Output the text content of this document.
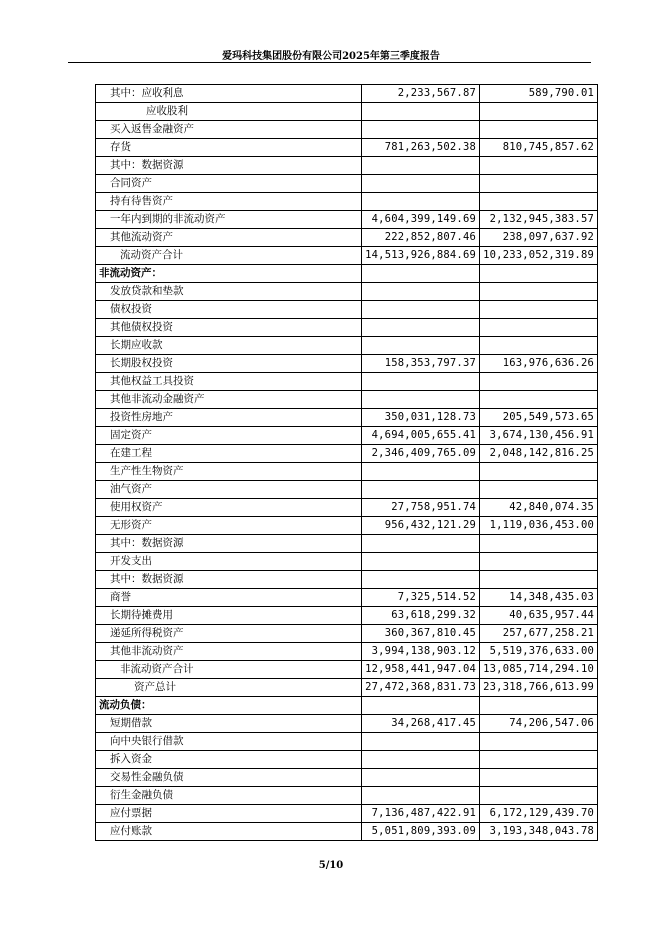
爱玛科技集团股份有限公司2025年第三季度报告
其中：应收利息	2,233,567.87	589,790.01
应收股利		
买入返售金融资产		
存货	781,263,502.38	810,745,857.62
其中：数据资源		
合同资产		
持有待售资产		
一年内到期的非流动资产	4,604,399,149.69	2,132,945,383.57
其他流动资产	222,852,807.46	238,097,637.92
流动资产合计	14,513,926,884.69	10,233,052,319.89
非流动资产：		
发放贷款和垫款		
债权投资		
其他债权投资		
长期应收款		
长期股权投资	158,353,797.37	163,976,636.26
其他权益工具投资		
其他非流动金融资产		
投资性房地产	350,031,128.73	205,549,573.65
固定资产	4,694,005,655.41	3,674,130,456.91
在建工程	2,346,409,765.09	2,048,142,816.25
生产性生物资产		
油气资产		
使用权资产	27,758,951.74	42,840,074.35
无形资产	956,432,121.29	1,119,036,453.00
其中：数据资源		
开发支出		
其中：数据资源		
商誉	7,325,514.52	14,348,435.03
长期待摊费用	63,618,299.32	40,635,957.44
递延所得税资产	360,367,810.45	257,677,258.21
其他非流动资产	3,994,138,903.12	5,519,376,633.00
非流动资产合计	12,958,441,947.04	13,085,714,294.10
资产总计	27,472,368,831.73	23,318,766,613.99
流动负债：		
短期借款	34,268,417.45	74,206,547.06
向中央银行借款		
拆入资金		
交易性金融负债		
衍生金融负债		
应付票据	7,136,487,422.91	6,172,129,439.70
应付账款	5,051,809,393.09	3,193,348,043.78
5/10
